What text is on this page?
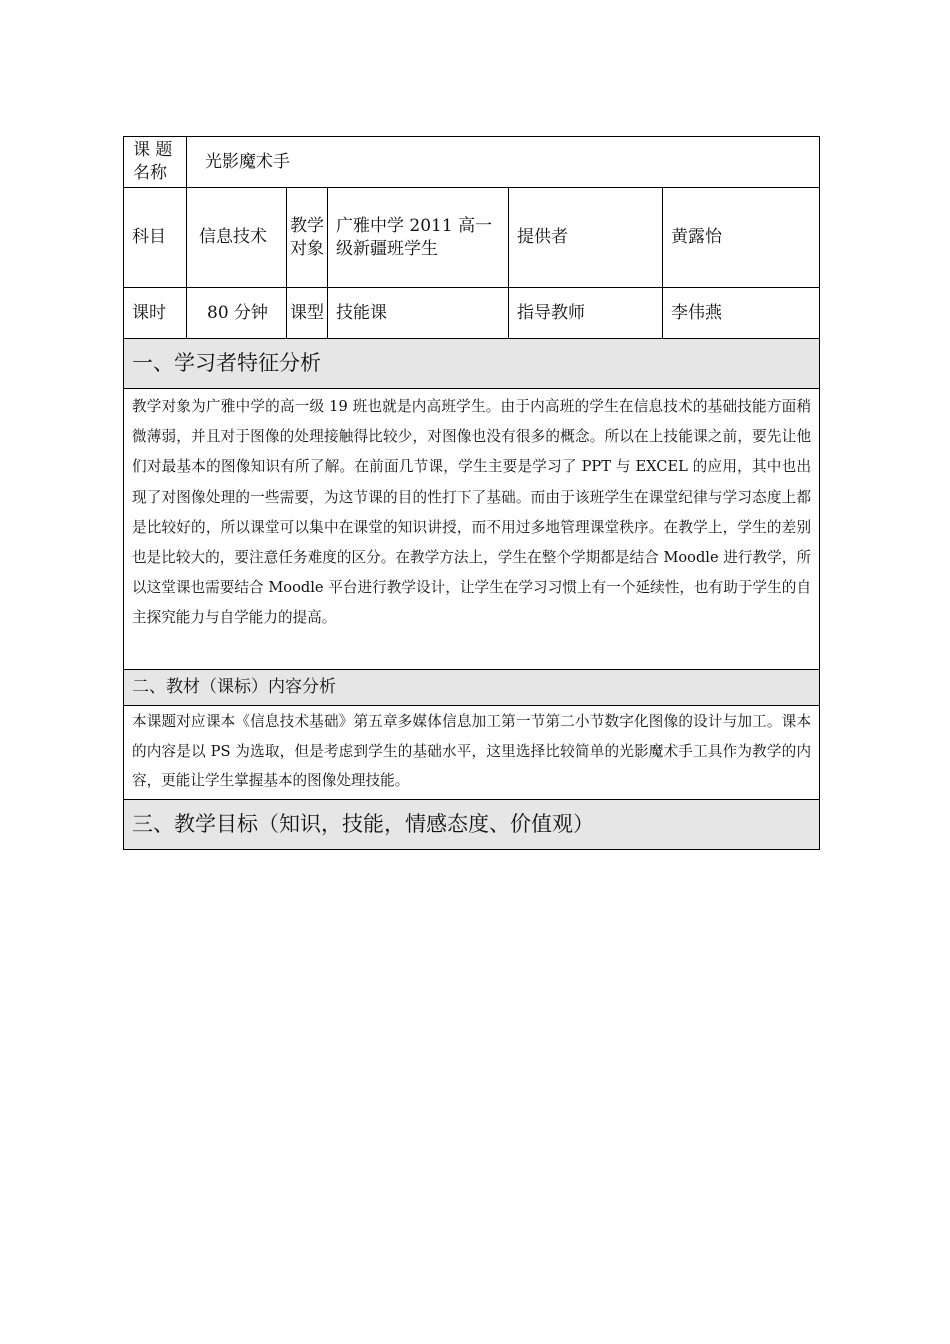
课 题 名称	光影魔术手				
科目	信息技术	教学对象	广雅中学 2011 高一级新疆班学生	提供者	黄露怡
课时	80 分钟	课型	技能课	指导教师	李伟燕
一、学习者特征分析					
教学对象为广雅中学的高一级 19 班也就是内高班学生。由于内高班的学生在信息技术的基础技能方面稍微薄弱，并且对于图像的处理接触得比较少，对图像也没有很多的概念。所以在上技能课之前，要先让他们对最基本的图像知识有所了解。在前面几节课，学生主要是学习了 PPT 与 EXCEL 的应用，其中也出现了对图像处理的一些需要，为这节课的目的性打下了基础。而由于该班学生在课堂纪律与学习态度上都是比较好的，所以课堂可以集中在课堂的知识讲授，而不用过多地管理课堂秩序。在教学上，学生的差别也是比较大的，要注意任务难度的区分。在教学方法上，学生在整个学期都是结合 Moodle 进行教学，所以这堂课也需要结合 Moodle 平台进行教学设计，让学生在学习习惯上有一个延续性，也有助于学生的自主探究能力与自学能力的提高。					
二、教材（课标）内容分析					
本课题对应课本《信息技术基础》第五章多媒体信息加工第一节第二小节数字化图像的设计与加工。课本的内容是以 PS 为选取，但是考虑到学生的基础水平，这里选择比较简单的光影魔术手工具作为教学的内容，更能让学生掌握基本的图像处理技能。					
三、教学目标（知识，技能，情感态度、价值观）					
